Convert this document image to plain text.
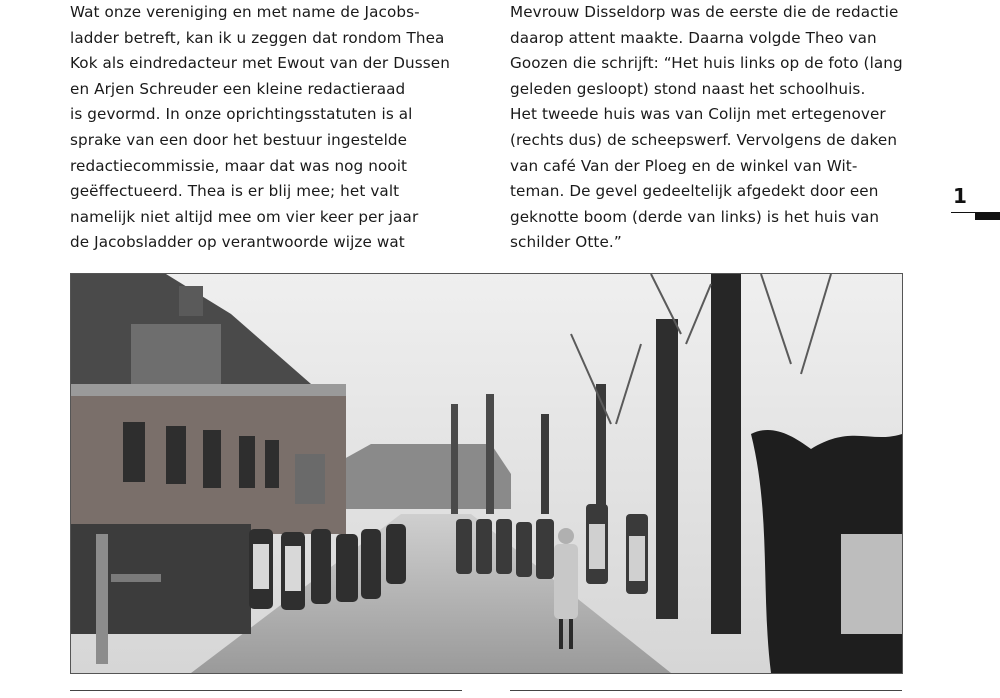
Wat onze vereniging en met name de Jacobs-
ladder betreft, kan ik u zeggen dat rondom Thea
Kok als eindredacteur met Ewout van der Dussen
en Arjen Schreuder een kleine redactieraad
is gevormd. In onze oprichtingsstatuten is al
sprake van een door het bestuur ingestelde
redactiecommissie, maar dat was nog nooit
geëffectueerd. Thea is er blij mee; het valt
namelijk niet altijd mee om vier keer per jaar
de Jacobsladder op verantwoorde wijze wat
Mevrouw Disseldorp was de eerste die de redactie
daarop attent maakte. Daarna volgde Theo van
Goozen die schrijft: “Het huis links op de foto (lang
geleden gesloopt) stond naast het schoolhuis.
Het tweede huis was van Colijn met ertegenover
(rechts dus) de scheepswerf. Vervolgens de daken
van café Van der Ploeg en de winkel van Wit-
teman. De gevel gedeeltelijk afgedekt door een
geknotte boom (derde van links) is het huis van
schilder Otte.”
1
